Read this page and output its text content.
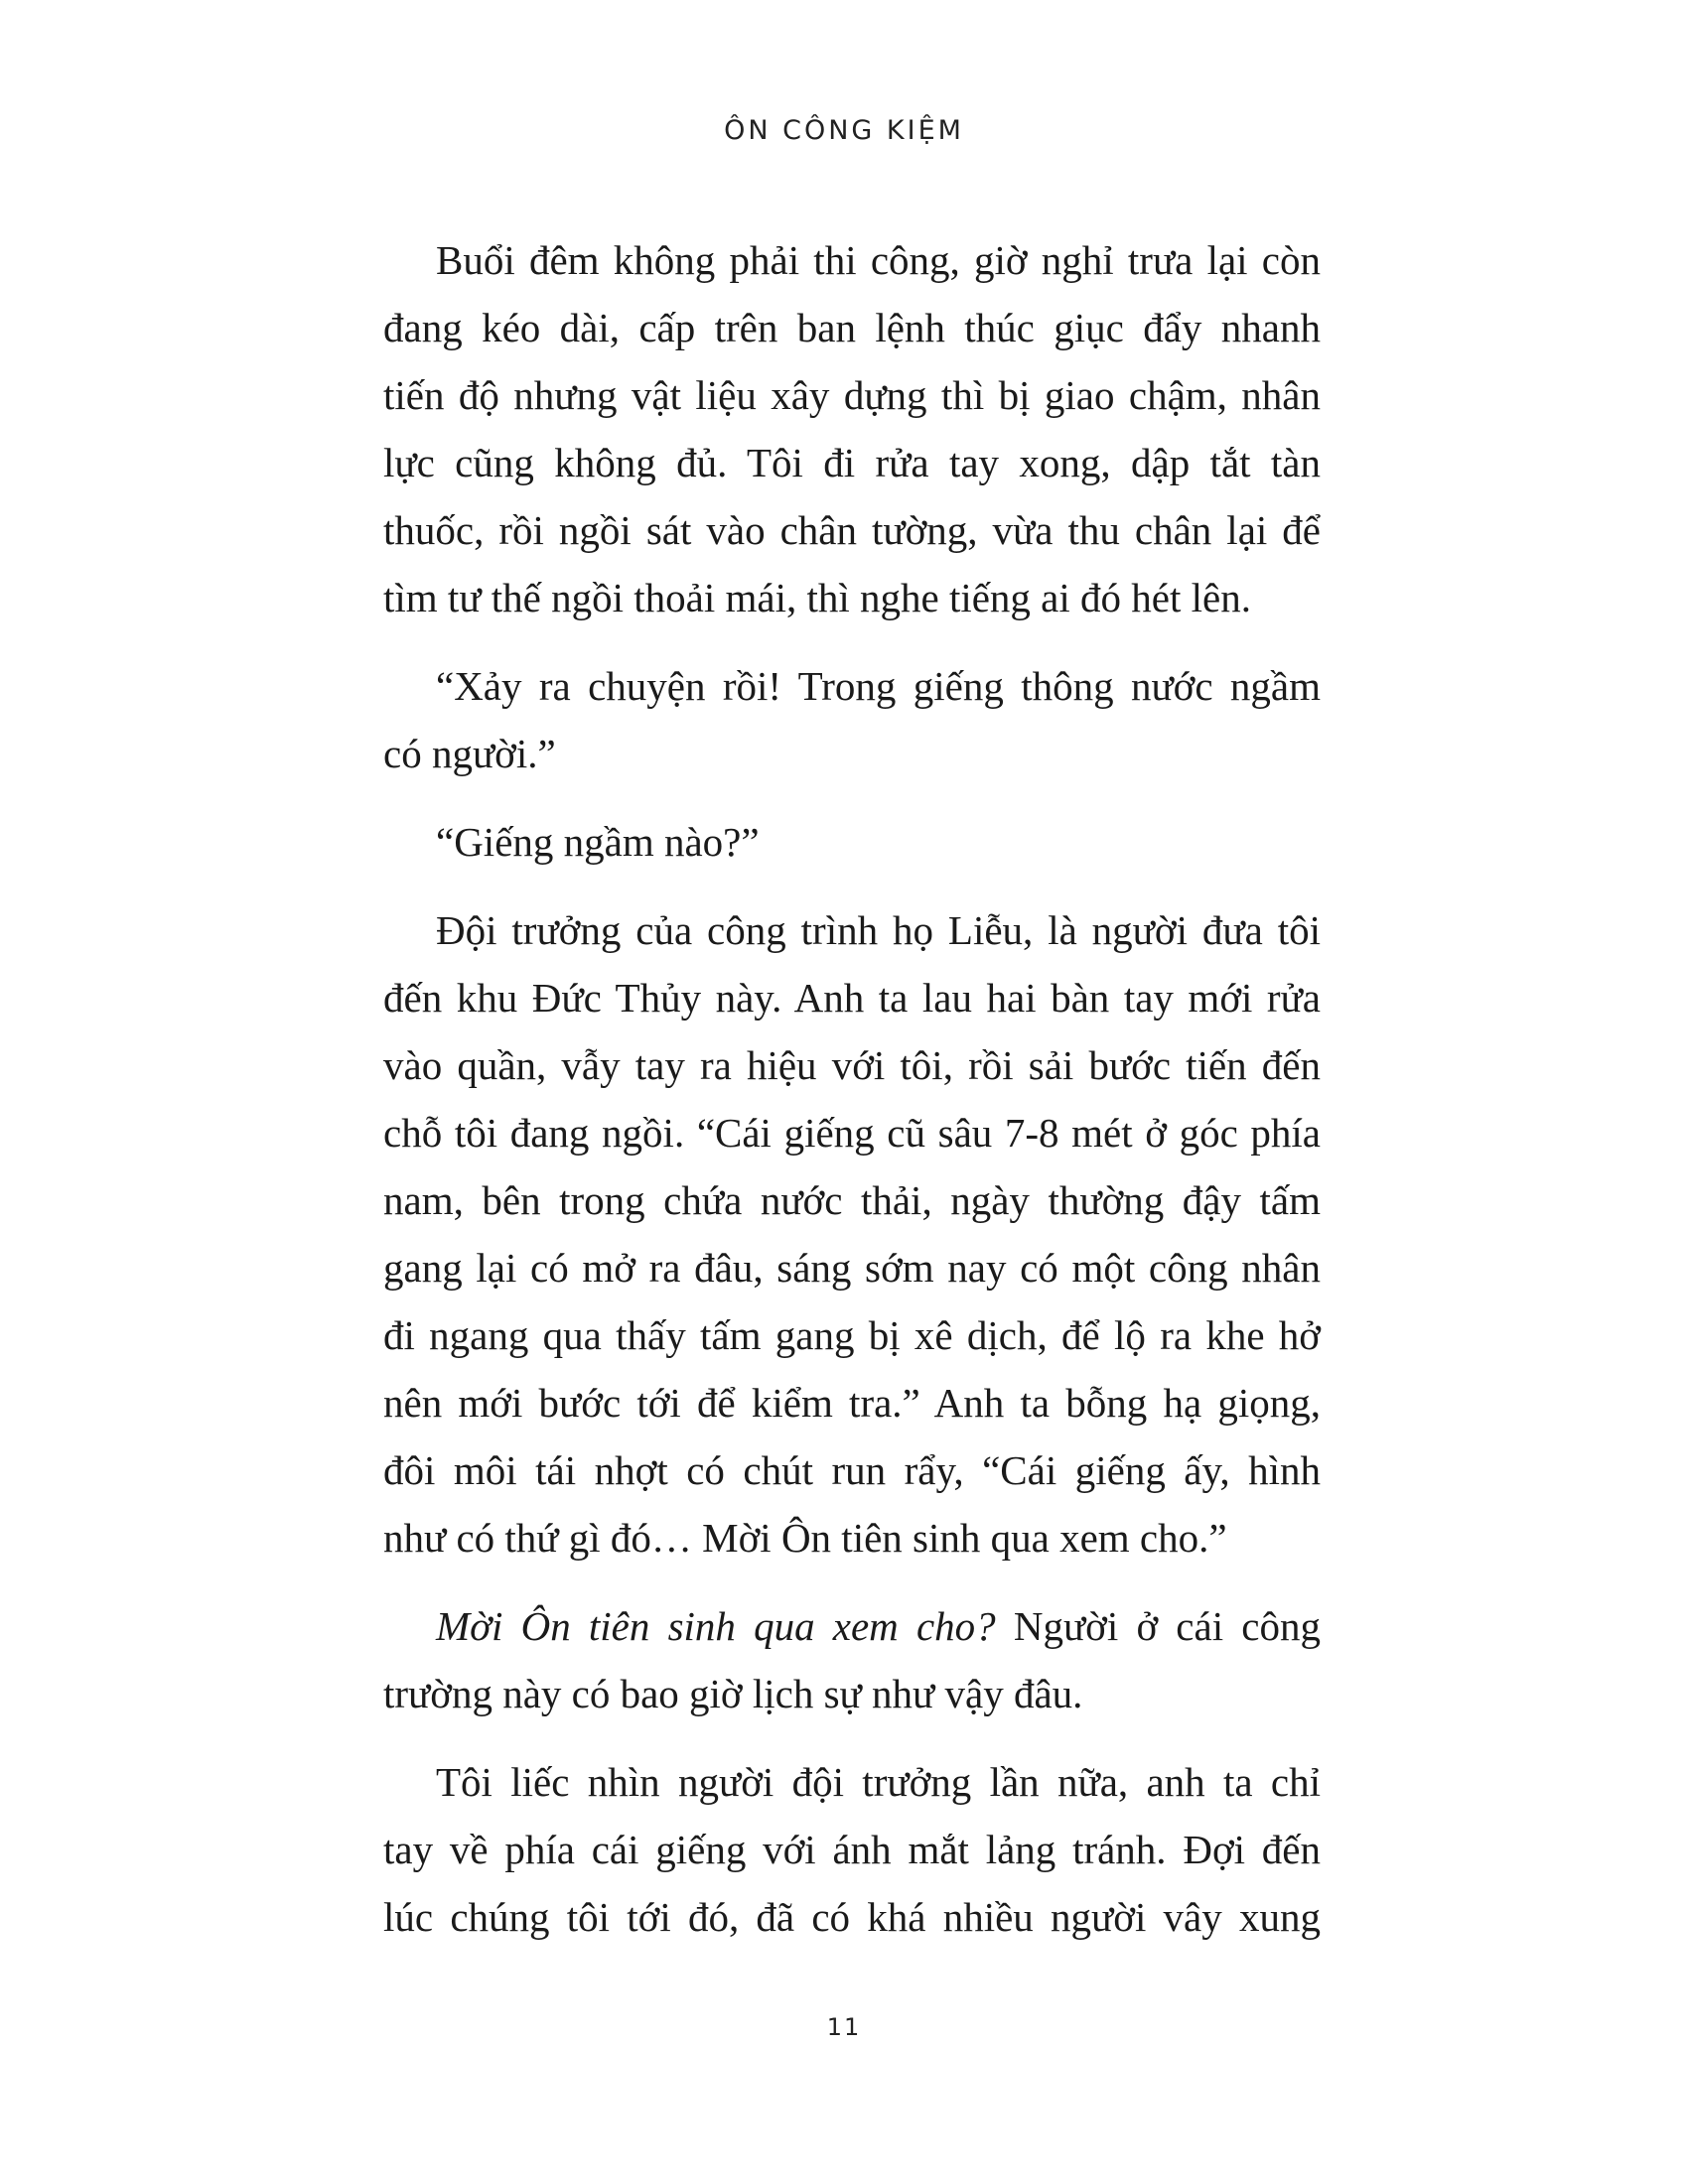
ÔN CÔNG KIỆM
Buổi đêm không phải thi công, giờ nghỉ trưa lại còn
đang kéo dài, cấp trên ban lệnh thúc giục đẩy nhanh
tiến độ nhưng vật liệu xây dựng thì bị giao chậm, nhân
lực cũng không đủ. Tôi đi rửa tay xong, dập tắt tàn
thuốc, rồi ngồi sát vào chân tường, vừa thu chân lại để
tìm tư thế ngồi thoải mái, thì nghe tiếng ai đó hét lên.
“Xảy ra chuyện rồi! Trong giếng thông nước ngầm
có người.”
“Giếng ngầm nào?”
Đội trưởng của công trình họ Liễu, là người đưa tôi
đến khu Đức Thủy này. Anh ta lau hai bàn tay mới rửa
vào quần, vẫy tay ra hiệu với tôi, rồi sải bước tiến đến
chỗ tôi đang ngồi. “Cái giếng cũ sâu 7-8 mét ở góc phía
nam, bên trong chứa nước thải, ngày thường đậy tấm
gang lại có mở ra đâu, sáng sớm nay có một công nhân
đi ngang qua thấy tấm gang bị xê dịch, để lộ ra khe hở
nên mới bước tới để kiểm tra.” Anh ta bỗng hạ giọng,
đôi môi tái nhợt có chút run rẩy, “Cái giếng ấy, hình
như có thứ gì đó… Mời Ôn tiên sinh qua xem cho.”
Mời Ôn tiên sinh qua xem cho? Người ở cái công
trường này có bao giờ lịch sự như vậy đâu.
Tôi liếc nhìn người đội trưởng lần nữa, anh ta chỉ
tay về phía cái giếng với ánh mắt lảng tránh. Đợi đến
lúc chúng tôi tới đó, đã có khá nhiều người vây xung
11
